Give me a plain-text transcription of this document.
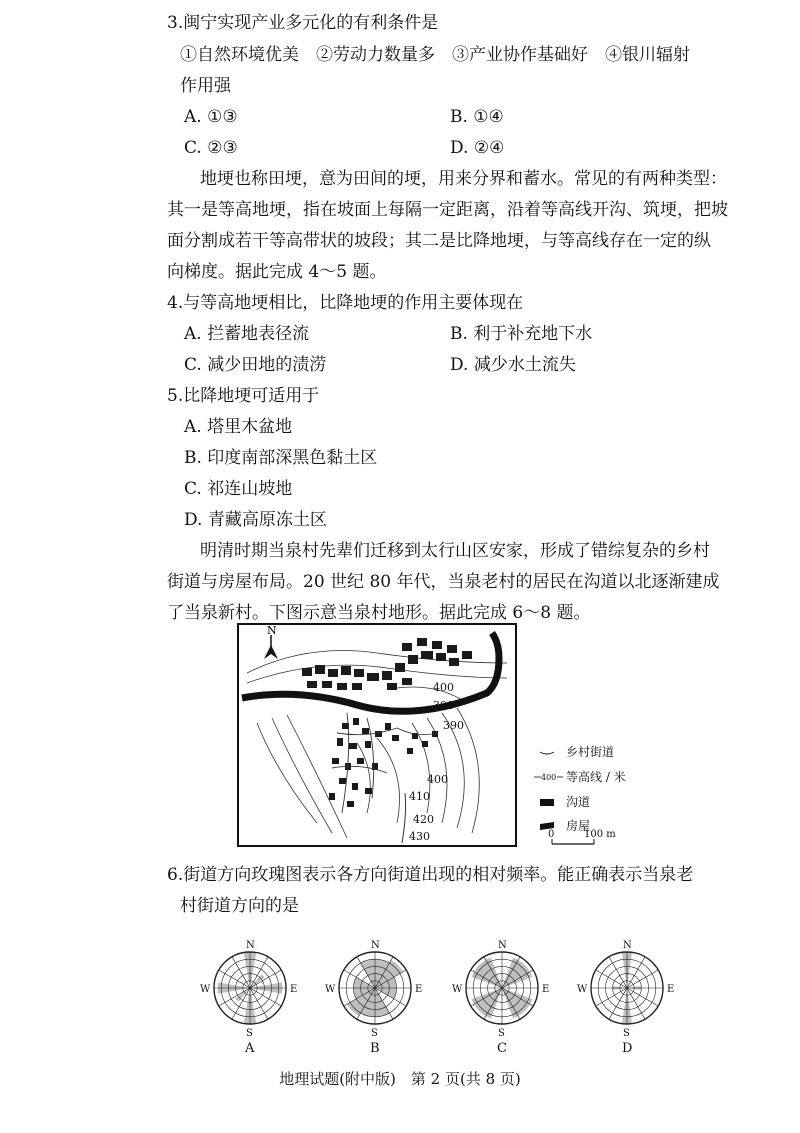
3.闽宁实现产业多元化的有利条件是
①自然环境优美　②劳动力数量多　③产业协作基础好　④银川辐射
作用强
A. ①③	B. ①④
C. ②③	D. ②④
地埂也称田埂，意为田间的埂，用来分界和蓄水。常见的有两种类型：
其一是等高地埂，指在坡面上每隔一定距离，沿着等高线开沟、筑埂，把坡
面分割成若干等高带状的坡段；其二是比降地埂，与等高线存在一定的纵
向梯度。据此完成 4～5 题。
4.与等高地埂相比，比降地埂的作用主要体现在
A. 拦蓄地表径流	B. 利于补充地下水
C. 减少田地的渍涝	D. 减少水土流失
5.比降地埂可适用于
A. 塔里木盆地
B. 印度南部深黑色黏土区
C. 祁连山坡地
D. 青藏高原冻土区
明清时期当泉村先辈们迁移到太行山区安家，形成了错综复杂的乡村
街道与房屋布局。20 世纪 80 年代，当泉老村的居民在沟道以北逐渐建成
了当泉新村。下图示意当泉村地形。据此完成 6～8 题。
N
400
390
390
400
410
420
430
乡村街道
400 等高线 / 米
沟道
房屋
0	100 m
6.街道方向玫瑰图表示各方向街道出现的相对频率。能正确表示当泉老
村街道方向的是
N
S
W	E
A
N
S
W	E
B
N
S
W	E
C
N
S
W	E
D
地理试题(附中版)　第 2 页(共 8 页)
